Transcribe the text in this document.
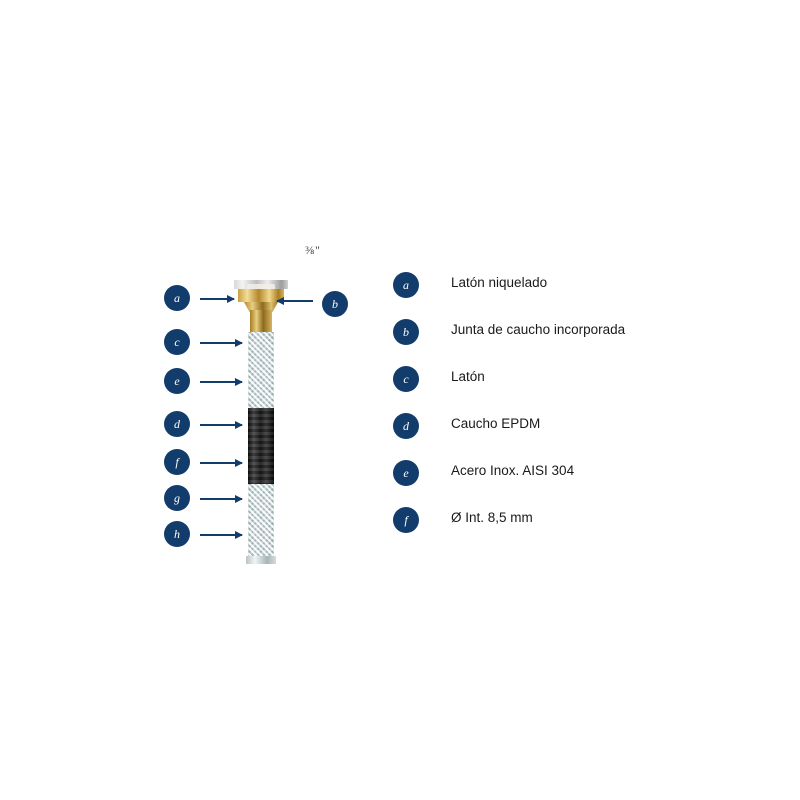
⅜"
a	b
c
e
d
f
g
h
a	Latón niquelado
b	Junta de caucho incorporada
c	Latón
d	Caucho EPDM
e	Acero Inox. AISI 304
f	Ø Int. 8,5 mm
